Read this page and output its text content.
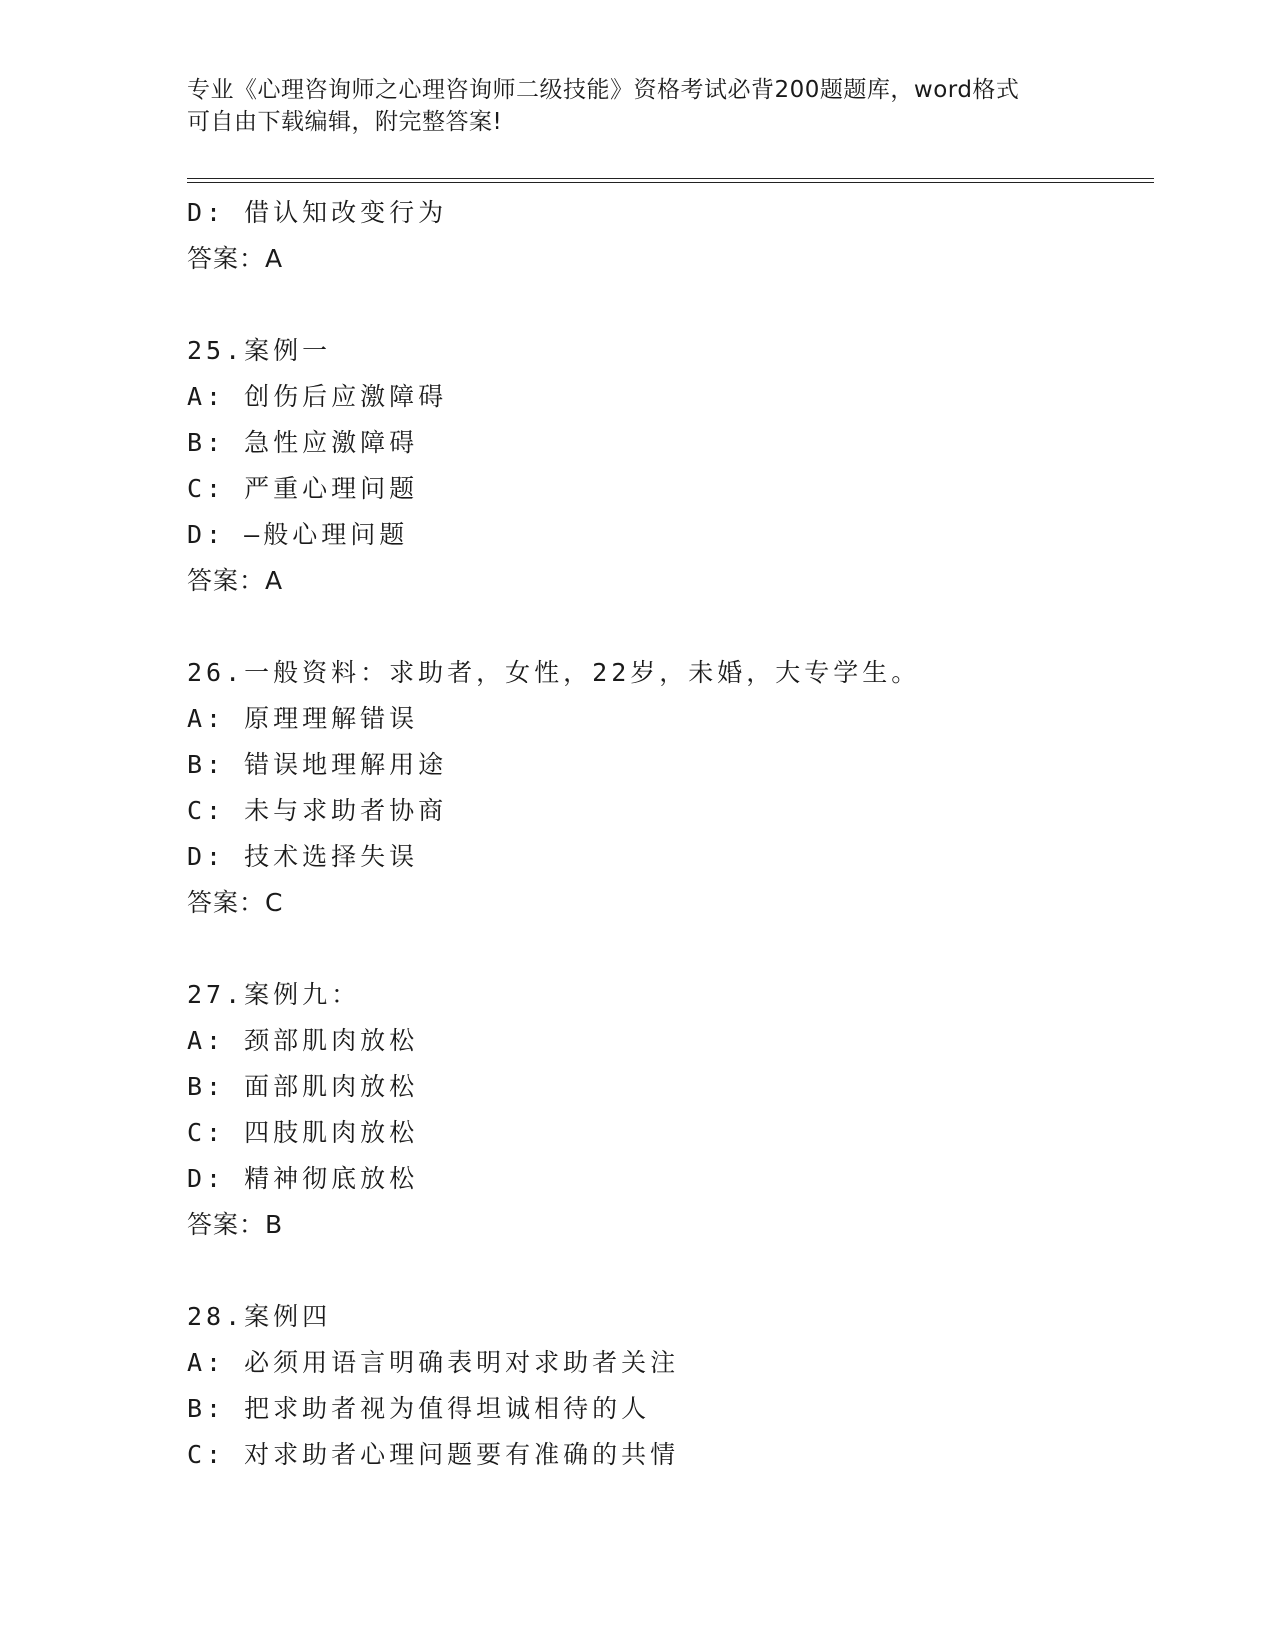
专业《心理咨询师之心理咨询师二级技能》资格考试必背200题题库，word格式
可自由下载编辑，附完整答案!
D: 借认知改变行为
答案：A
25.案例一
A: 创伤后应激障碍
B: 急性应激障碍
C: 严重心理问题
D: —般心理问题
答案：A
26.一般资料：求助者，女性，22岁，未婚，大专学生。
A: 原理理解错误
B: 错误地理解用途
C: 未与求助者协商
D: 技术选择失误
答案：C
27.案例九：
A: 颈部肌肉放松
B: 面部肌肉放松
C: 四肢肌肉放松
D: 精神彻底放松
答案：B
28.案例四
A: 必须用语言明确表明对求助者关注
B: 把求助者视为值得坦诚相待的人
C: 对求助者心理问题要有准确的共情
